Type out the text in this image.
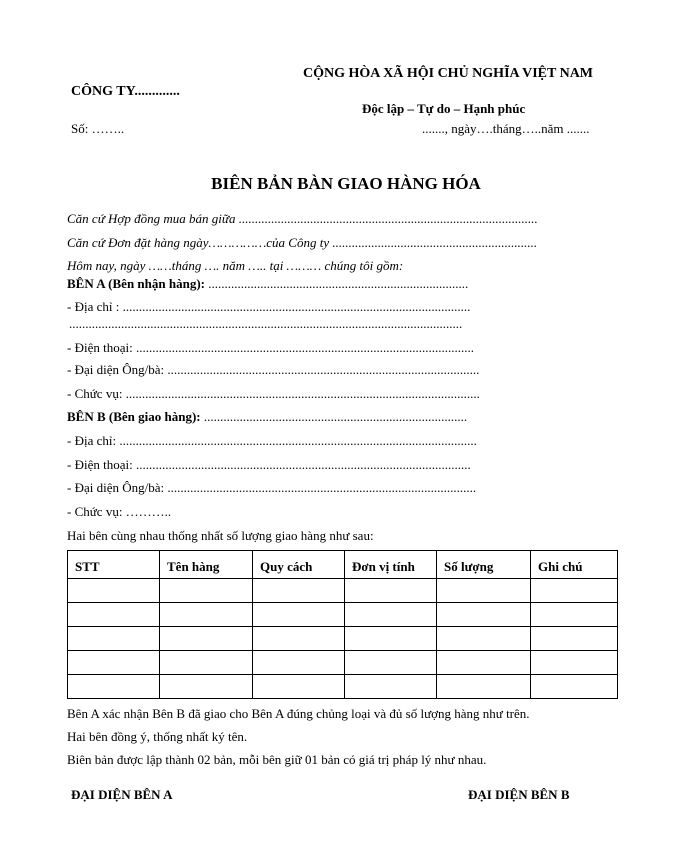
CỘNG HÒA XÃ HỘI CHỦ NGHĨA VIỆT NAM
CÔNG TY.............
Độc lập – Tự do – Hạnh phúc
Số: ……..	......., ngày….tháng…..năm .......
BIÊN BẢN BÀN GIAO HÀNG HÓA
Căn cứ Hợp đồng mua bán giữa ............................................................................................
Căn cứ Đơn đặt hàng ngày……………của Công ty ...............................................................
Hôm nay, ngày ……tháng …. năm ….. tại ……… chúng tôi gồm:
BÊN A (Bên nhận hàng): ................................................................................
- Địa chỉ : ...........................................................................................................
.........................................................................................................................
- Điện thoại: ........................................................................................................
- Đại diện Ông/bà: ................................................................................................
- Chức vụ: .............................................................................................................
BÊN B (Bên giao hàng): .................................................................................
- Địa chỉ: ..............................................................................................................
- Điện thoại: .......................................................................................................
- Đại diện Ông/bà: ...............................................................................................
- Chức vụ: ………..
Hai bên cùng nhau thống nhất số lượng giao hàng như sau:
STT	Tên hàng	Quy cách	Đơn vị tính	Số lượng	Ghi chú

Bên A xác nhận Bên B đã giao cho Bên A đúng chủng loại và đủ số lượng hàng như trên.
Hai bên đồng ý, thống nhất ký tên.
Biên bản được lập thành 02 bản, mỗi bên giữ 01 bản có giá trị pháp lý như nhau.
ĐẠI DIỆN BÊN A	ĐẠI DIỆN BÊN B
